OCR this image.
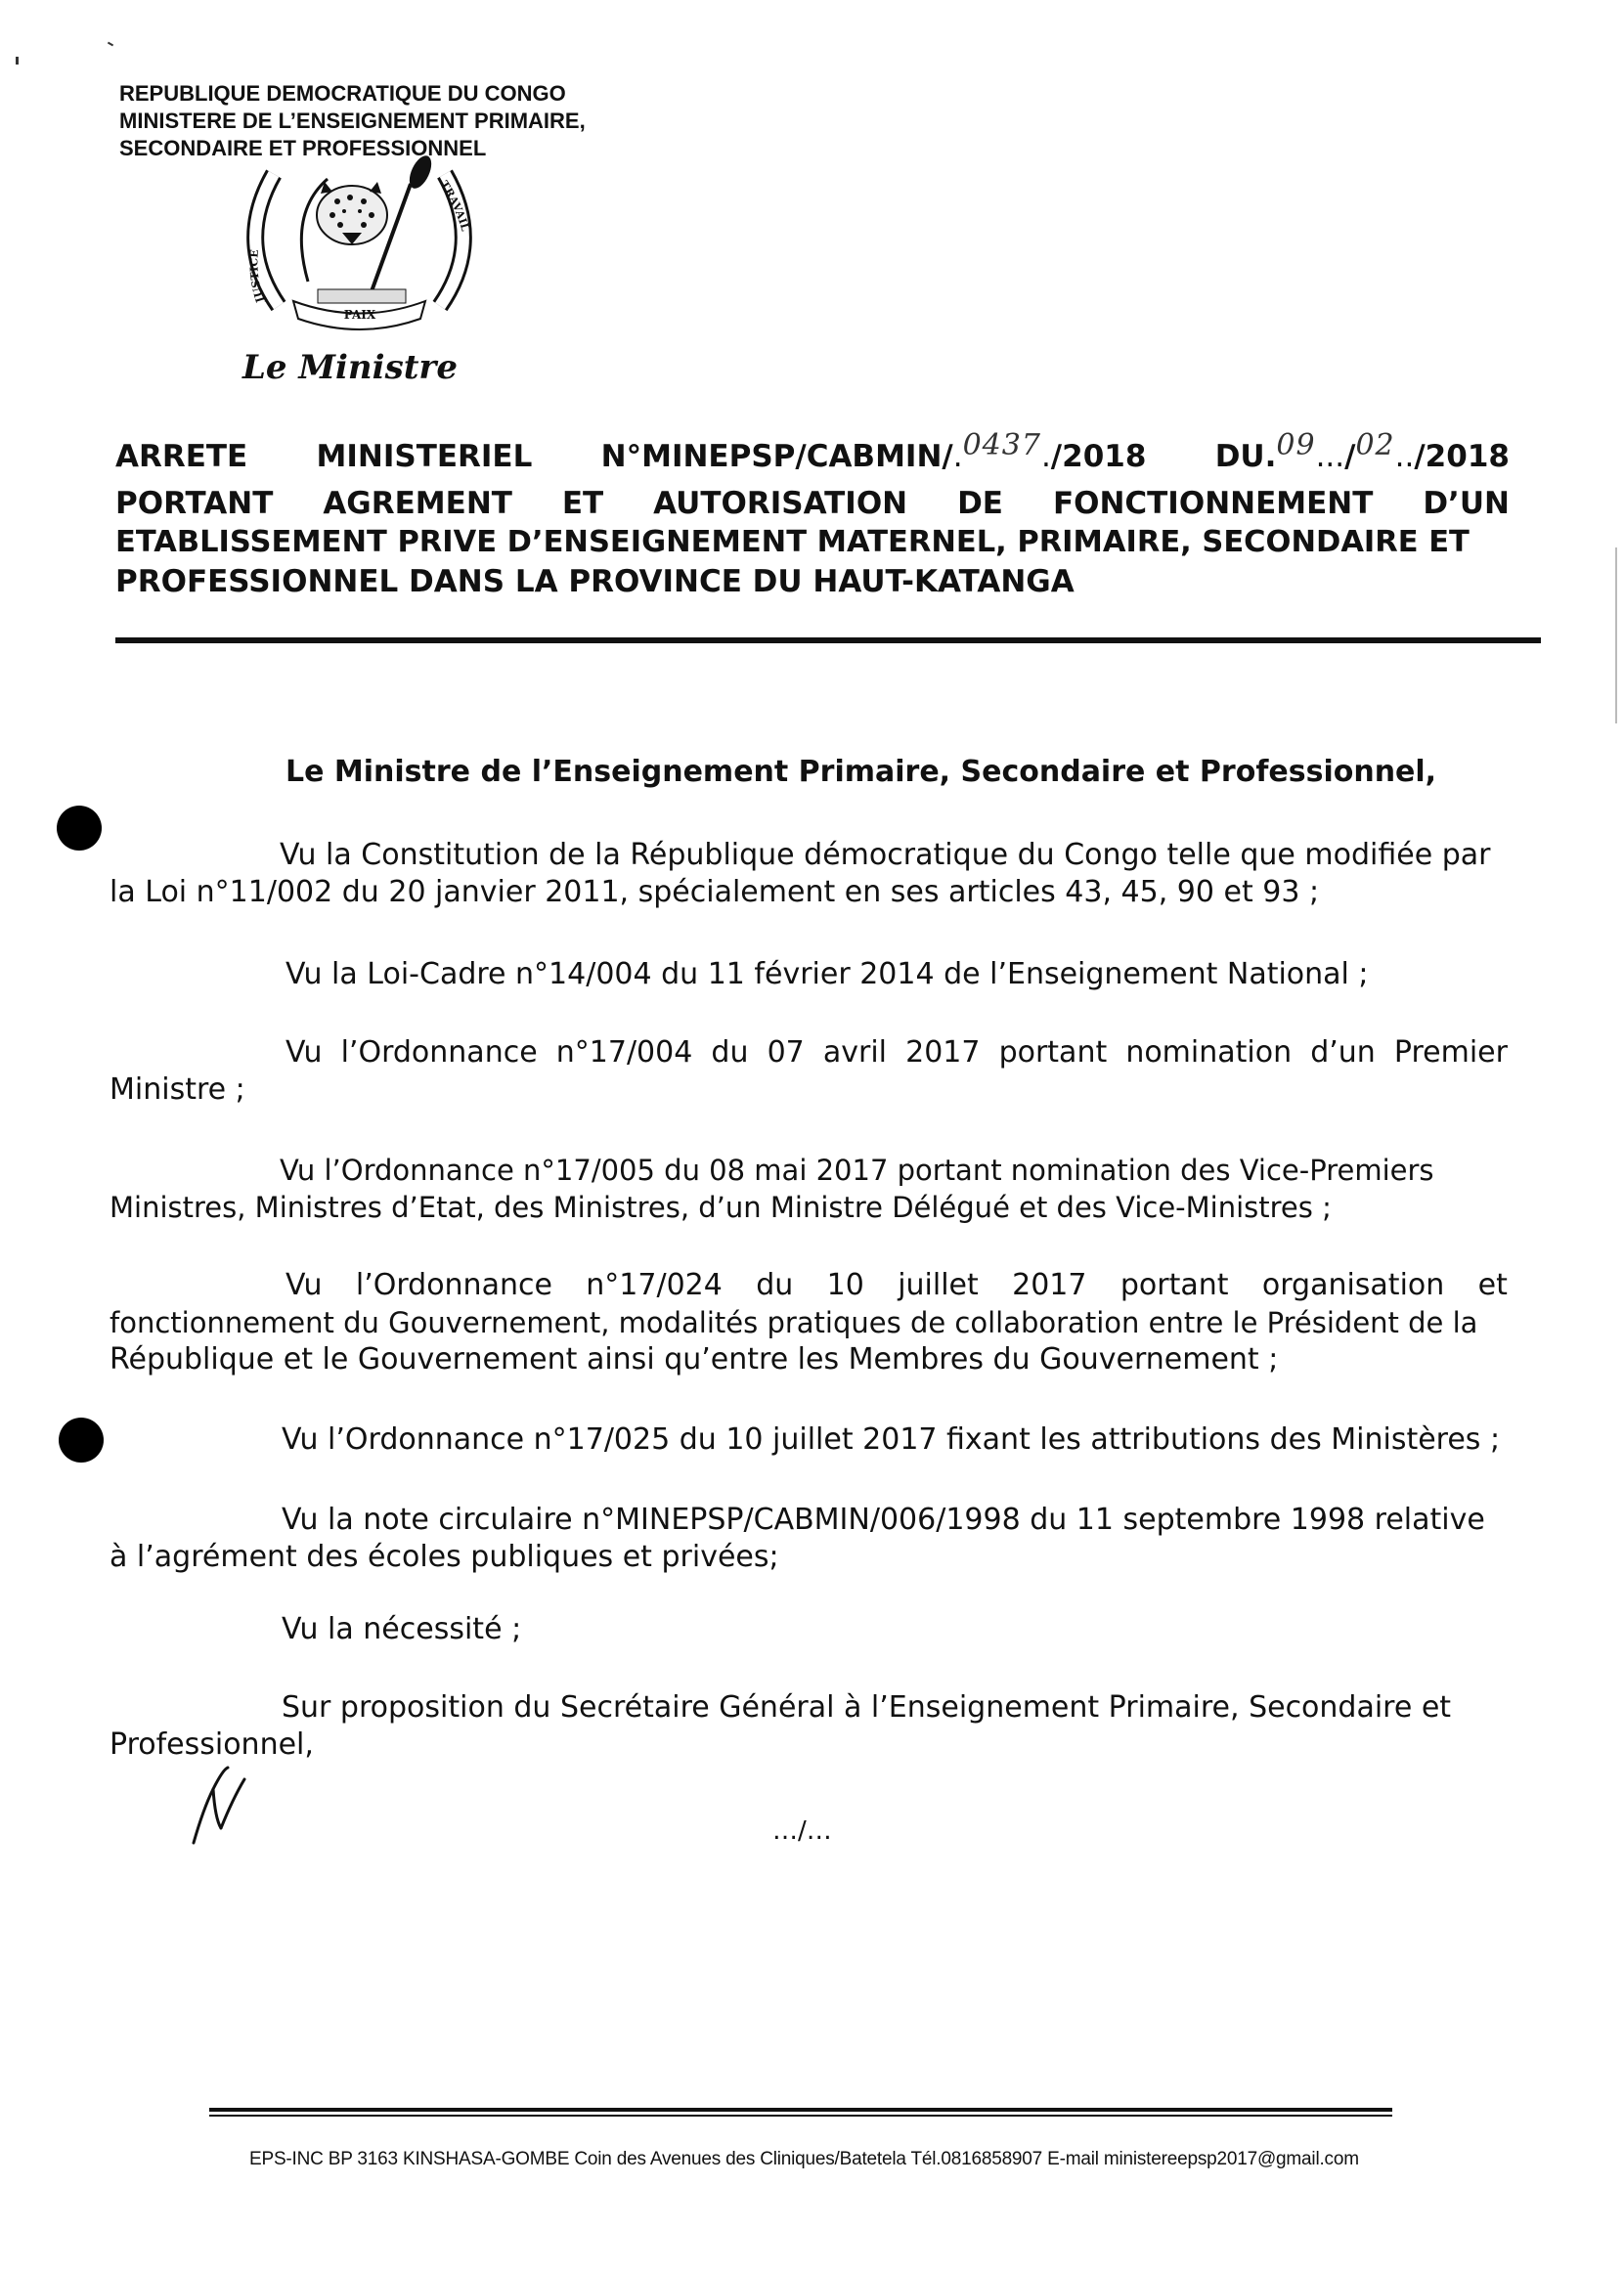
REPUBLIQUE DEMOCRATIQUE DU CONGO
MINISTERE DE L’ENSEIGNEMENT PRIMAIRE,
SECONDAIRE ET PROFESSIONNEL
JUSTICE
TRAVAIL
PAIX
Le Ministre
ARRETE MINISTERIEL N°MINEPSP/CABMIN/.0437./2018 DU.09.../02../2018
PORTANT AGREMENT ET AUTORISATION DE FONCTIONNEMENT D’UN
ETABLISSEMENT PRIVE D’ENSEIGNEMENT MATERNEL, PRIMAIRE, SECONDAIRE ET
PROFESSIONNEL DANS LA PROVINCE DU HAUT-KATANGA
Le Ministre de l’Enseignement Primaire, Secondaire et Professionnel,
Vu la Constitution de la République démocratique du Congo telle que modifiée par
la Loi n°11/002 du 20 janvier 2011, spécialement en ses articles 43, 45, 90 et 93 ;
Vu la Loi-Cadre n°14/004 du 11 février 2014 de l’Enseignement National ;
Vu l’Ordonnance n°17/004 du 07 avril 2017 portant nomination d’un Premier
Ministre ;
Vu l’Ordonnance n°17/005 du 08 mai 2017 portant nomination des Vice-Premiers
Ministres, Ministres d’Etat, des Ministres, d’un Ministre Délégué et des Vice-Ministres ;
Vu l’Ordonnance n°17/024 du 10 juillet 2017 portant organisation et
fonctionnement du Gouvernement, modalités pratiques de collaboration entre le Président de la
République et le Gouvernement ainsi qu’entre les Membres du Gouvernement ;
Vu l’Ordonnance n°17/025 du 10 juillet 2017 fixant les attributions des Ministères ;
Vu la note circulaire n°MINEPSP/CABMIN/006/1998 du 11 septembre 1998 relative
à l’agrément des écoles publiques et privées;
Vu la nécessité ;
Sur proposition du Secrétaire Général à l’Enseignement Primaire, Secondaire et
Professionnel,
…/…
EPS-INC BP 3163 KINSHASA-GOMBE Coin des Avenues des Cliniques/Batetela Tél.0816858907 E-mail ministereepsp2017@gmail.com
